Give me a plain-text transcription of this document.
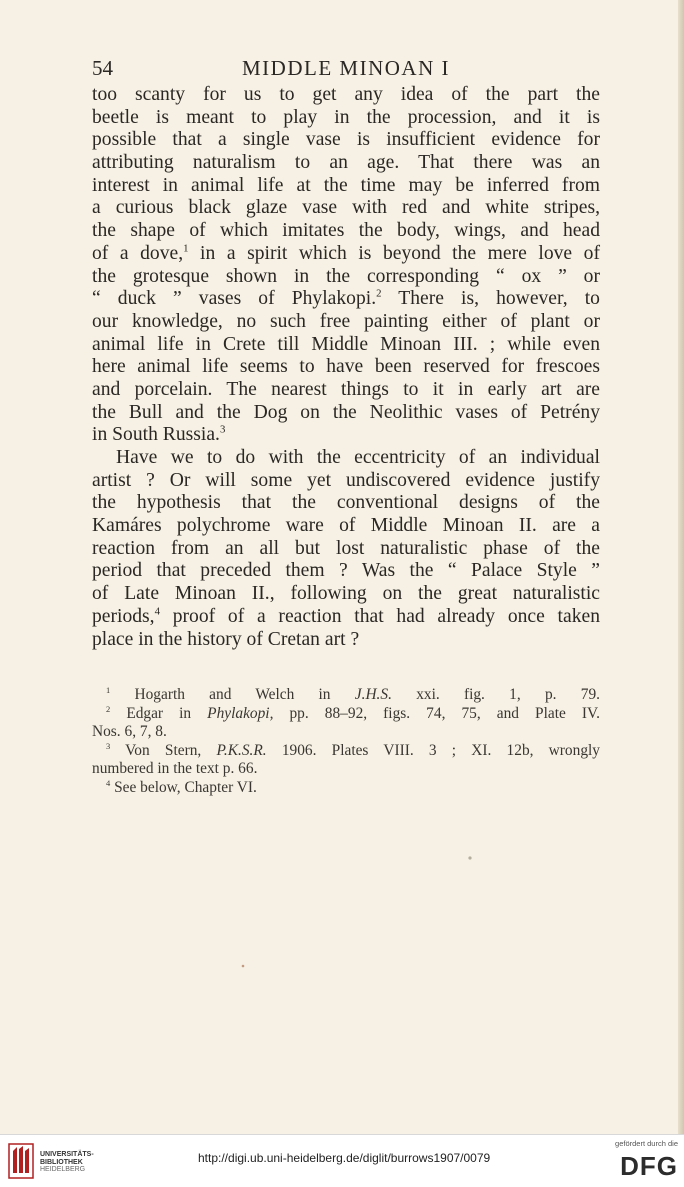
54	MIDDLE MINOAN I
too scanty for us to get any idea of the part the
beetle is meant to play in the procession, and it is
possible that a single vase is insufficient evidence for
attributing naturalism to an age. That there was an
interest in animal life at the time may be inferred from
a curious black glaze vase with red and white stripes,
the shape of which imitates the body, wings, and head
of a dove,$^1$ in a spirit which is beyond the mere love of
the grotesque shown in the corresponding “ ox ” or
“ duck ” vases of Phylakopi.$^2$ There is, however, to
our knowledge, no such free painting either of plant or
animal life in Crete till Middle Minoan III. ; while even
here animal life seems to have been reserved for frescoes
and porcelain. The nearest things to it in early art are
the Bull and the Dog on the Neolithic vases of Petrény
in South Russia.$^3$
Have we to do with the eccentricity of an individual
artist ? Or will some yet undiscovered evidence justify
the hypothesis that the conventional designs of the
Kamáres polychrome ware of Middle Minoan II. are a
reaction from an all but lost naturalistic phase of the
period that preceded them ? Was the “ Palace Style ”
of Late Minoan II., following on the great naturalistic
periods,$^4$ proof of a reaction that had already once taken
place in the history of Cretan art ?
$^1$ Hogarth and Welch in J.H.S. xxi. fig. 1, p. 79.
$^2$ Edgar in Phylakopi, pp. 88–92, figs. 74, 75, and Plate IV.
Nos. 6, 7, 8.
$^3$ Von Stern, P.K.S.R. 1906. Plates VIII. 3 ; XI. 12b, wrongly
numbered in the text p. 66.
$^4$ See below, Chapter VI.
UNIVERSITÄTS-
BIBLIOTHEK
HEIDELBERG
http://digi.ub.uni-heidelberg.de/diglit/burrows1907/0079
gefördert durch die
DFG
